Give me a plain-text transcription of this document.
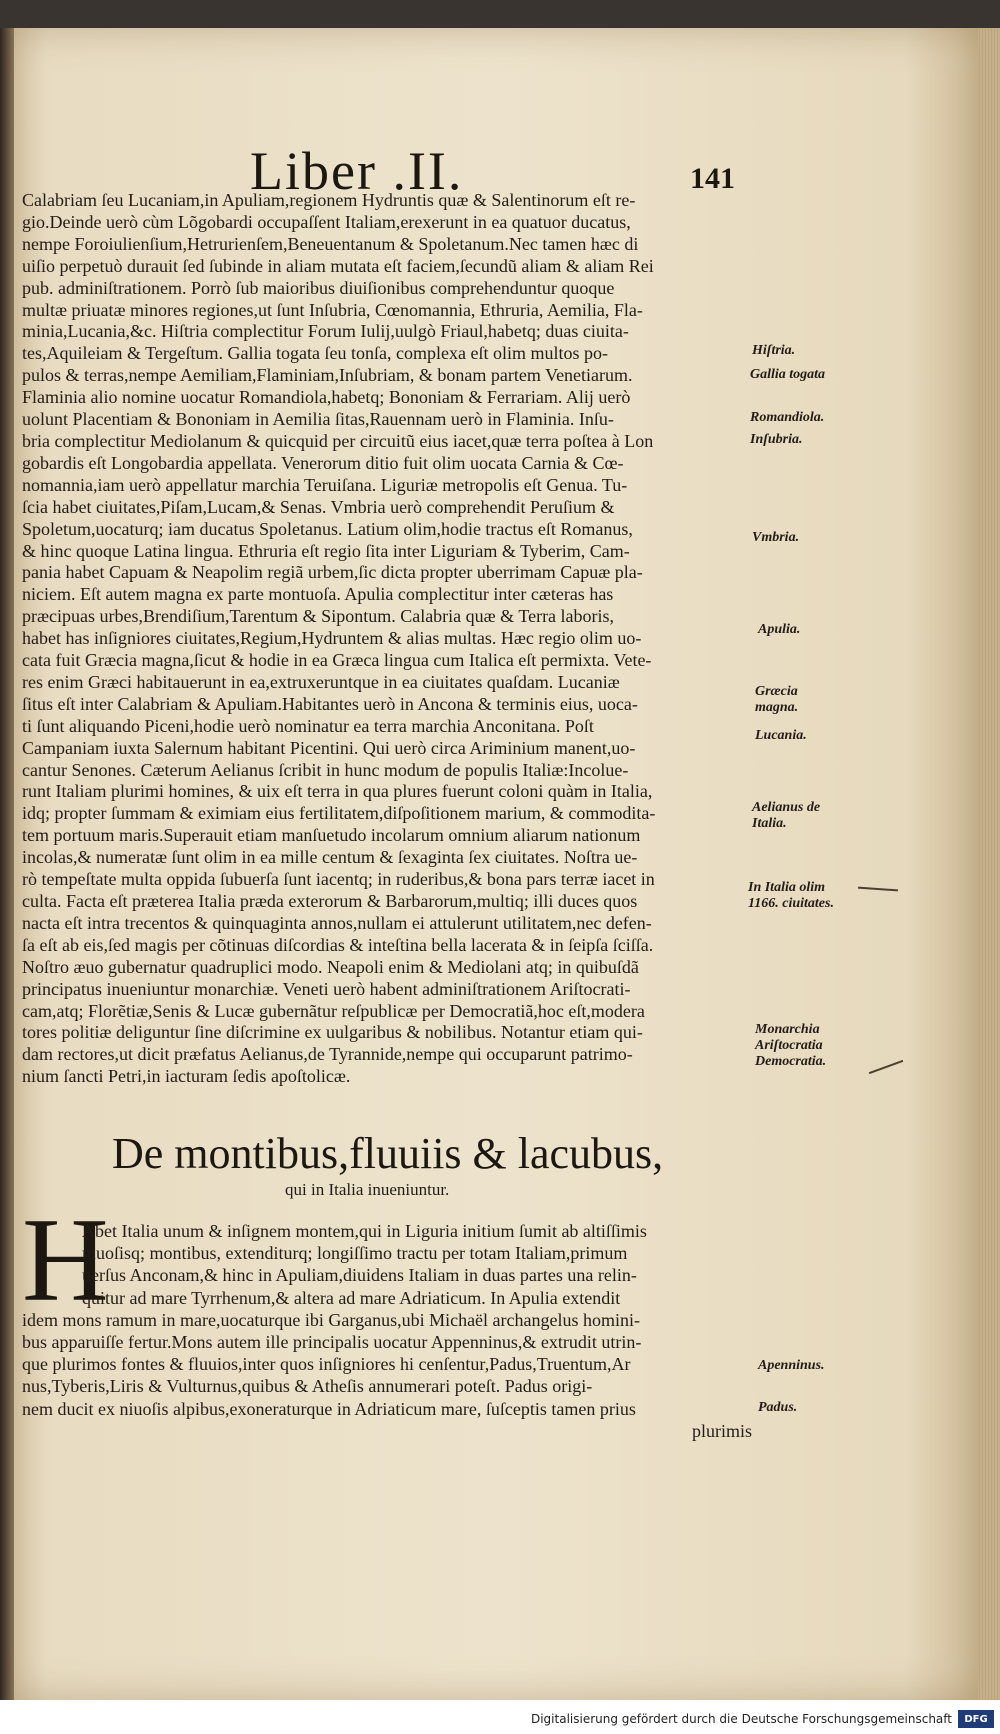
Liber .II.	141

Calabriam ſeu Lucaniam,in Apuliam,regionem Hydruntis quæ & Salentinorum eſt re-

gio.Deinde uerò cùm Lõgobardi occupaſſent Italiam,erexerunt in ea quatuor ducatus,

nempe Foroiulienſium,Hetrurienſem,Beneuentanum & Spoletanum.Nec tamen hæc di

uiſio perpetuò durauit ſed ſubinde in aliam mutata eſt faciem,ſecundũ aliam & aliam Rei

pub. adminiſtrationem. Porrò ſub maioribus diuiſionibus comprehenduntur quoque

multæ priuatæ minores regiones,ut ſunt Inſubria, Cœnomannia, Ethruria, Aemilia, Fla-

minia,Lucania,&c. Hiſtria complectitur Forum Iulij,uulgò Friaul,habetq; duas ciuita-

tes,Aquileiam & Tergeſtum. Gallia togata ſeu tonſa, complexa eſt olim multos po-

pulos & terras,nempe Aemiliam,Flaminiam,Inſubriam, & bonam partem Venetiarum.

Flaminia alio nomine uocatur Romandiola,habetq; Bononiam & Ferrariam. Alij uerò

uolunt Placentiam & Bononiam in Aemilia ſitas,Rauennam uerò in Flaminia. Inſu-

bria complectitur Mediolanum & quicquid per circuitũ eius iacet,quæ terra poſtea à Lon

gobardis eſt Longobardia appellata. Venerorum ditio fuit olim uocata Carnia & Cœ-

nomannia,iam uerò appellatur marchia Teruiſana. Liguriæ metropolis eſt Genua. Tu-

ſcia habet ciuitates,Piſam,Lucam,& Senas. Vmbria uerò comprehendit Peruſium &

Spoletum,uocaturq; iam ducatus Spoletanus. Latium olim,hodie tractus eſt Romanus,

& hinc quoque Latina lingua. Ethruria eſt regio ſita inter Liguriam & Tyberim, Cam-

pania habet Capuam & Neapolim regiã urbem,ſic dicta propter uberrimam Capuæ pla-

niciem. Eſt autem magna ex parte montuoſa. Apulia complectitur inter cæteras has

præcipuas urbes,Brendiſium,Tarentum & Sipontum. Calabria quæ & Terra laboris,

habet has inſigniores ciuitates,Regium,Hydruntem & alias multas. Hæc regio olim uo-

cata fuit Græcia magna,ſicut & hodie in ea Græca lingua cum Italica eſt permixta. Vete-

res enim Græci habitauerunt in ea,extruxeruntque in ea ciuitates quaſdam. Lucaniæ

ſitus eſt inter Calabriam & Apuliam.Habitantes uerò in Ancona & terminis eius, uoca-

ti ſunt aliquando Piceni,hodie uerò nominatur ea terra marchia Anconitana. Poſt

Campaniam iuxta Salernum habitant Picentini. Qui uerò circa Ariminium manent,uo-

cantur Senones. Cæterum Aelianus ſcribit in hunc modum de populis Italiæ:Incolue-

runt Italiam plurimi homines, & uix eſt terra in qua plures fuerunt coloni quàm in Italia,

idq; propter ſummam & eximiam eius fertilitatem,diſpoſitionem marium, & commodita-

tem portuum maris.Superauit etiam manſuetudo incolarum omnium aliarum nationum

incolas,& numeratæ ſunt olim in ea mille centum & ſexaginta ſex ciuitates. Noſtra ue-

rò tempeſtate multa oppida ſubuerſa ſunt iacentq; in ruderibus,& bona pars terræ iacet in

culta. Facta eſt præterea Italia præda exterorum & Barbarorum,multiq; illi duces quos

nacta eſt intra trecentos & quinquaginta annos,nullam ei attulerunt utilitatem,nec defen-

ſa eſt ab eis,ſed magis per cõtinuas diſcordias & inteſtina bella lacerata & in ſeipſa ſciſſa.

Noſtro æuo gubernatur quadruplici modo. Neapoli enim & Mediolani atq; in quibuſdã

principatus inueniuntur monarchiæ. Veneti uerò habent adminiſtrationem Ariſtocrati-

cam,atq; Florẽtiæ,Senis & Lucæ gubernãtur reſpublicæ per Democratiã,hoc eſt,modera

tores politiæ deliguntur ſine diſcrimine ex uulgaribus & nobilibus. Notantur etiam qui-

dam rectores,ut dicit præfatus Aelianus,de Tyrannide,nempe qui occuparunt patrimo-

nium ſancti Petri,in iacturam ſedis apoſtolicæ.

De montibus,fluuiis & lacubus,
qui in Italia inueniuntur.
H

Abet Italia unum & inſignem montem,qui in Liguria initium ſumit ab altiſſimis

niuoſisq; montibus, extenditurq; longiſſimo tractu per totam Italiam,primum

uerſus Anconam,& hinc in Apuliam,diuidens Italiam in duas partes una relin-

quitur ad mare Tyrrhenum,& altera ad mare Adriaticum. In Apulia extendit

idem mons ramum in mare,uocaturque ibi Garganus,ubi Michaël archangelus homini-

bus apparuiſſe fertur.Mons autem ille principalis uocatur Appenninus,& extrudit utrin-

que plurimos fontes & fluuios,inter quos inſigniores hi cenſentur,Padus,Truentum,Ar

nus,Tyberis,Liris & Vulturnus,quibus & Atheſis annumerari poteſt. Padus origi-

nem ducit ex niuoſis alpibus,exoneraturque in Adriaticum mare, ſuſceptis tamen prius

plurimis

Hiſtria.
Gallia togata
Romandiola.
Inſubria.
Vmbria.
Apulia.
Græcia magna.
Lucania.
Aelianus de Italia.
In Italia olim 1166. ciuitates.
Monarchia Ariſtocratia Democratia.
Apenninus.
Padus.
Digitalisierung gefördert durch die Deutsche Forschungsgemeinschaft	DFG
